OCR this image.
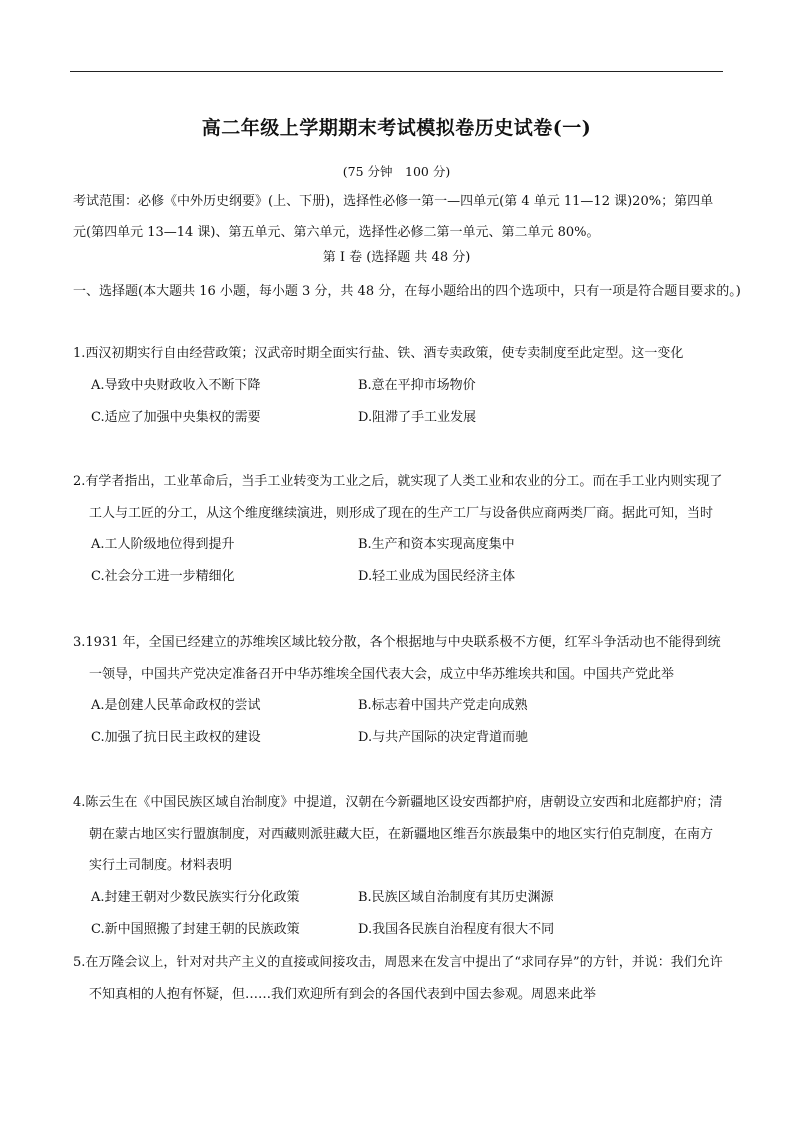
高二年级上学期期末考试模拟卷历史试卷(一)
(75 分钟　100 分)

考试范围：必修《中外历史纲要》(上、下册)，选择性必修一第一—四单元(第 4 单元 11—12 课)20%；第四单元(第四单元 13—14 课)、第五单元、第六单元，选择性必修二第一单元、第二单元 80%。

第 Ⅰ 卷 (选择题 共 48 分)

一、选择题(本大题共 16 小题，每小题 3 分，共 48 分，在每小题给出的四个选项中，只有一项是符合题目要求的。)

1.西汉初期实行自由经营政策；汉武帝时期全面实行盐、铁、酒专卖政策，使专卖制度至此定型。这一变化

A.导致中央财政收入不断下降	B.意在平抑市场物价
C.适应了加强中央集权的需要	D.阻滞了手工业发展

2.有学者指出，工业革命后，当手工业转变为工业之后，就实现了人类工业和农业的分工。而在手工业内则实现了工人与工匠的分工，从这个维度继续演进，则形成了现在的生产工厂与设备供应商两类厂商。据此可知，当时

A.工人阶级地位得到提升	B.生产和资本实现高度集中
C.社会分工进一步精细化	D.轻工业成为国民经济主体

3.1931 年，全国已经建立的苏维埃区域比较分散，各个根据地与中央联系极不方便，红军斗争活动也不能得到统一领导，中国共产党决定准备召开中华苏维埃全国代表大会，成立中华苏维埃共和国。中国共产党此举

A.是创建人民革命政权的尝试	B.标志着中国共产党走向成熟
C.加强了抗日民主政权的建设	D.与共产国际的决定背道而驰

4.陈云生在《中国民族区域自治制度》中提道，汉朝在今新疆地区设安西都护府，唐朝设立安西和北庭都护府；清朝在蒙古地区实行盟旗制度，对西藏则派驻藏大臣，在新疆地区维吾尔族最集中的地区实行伯克制度，在南方实行土司制度。材料表明

A.封建王朝对少数民族实行分化政策	B.民族区域自治制度有其历史渊源
C.新中国照搬了封建王朝的民族政策	D.我国各民族自治程度有很大不同

5.在万隆会议上，针对对共产主义的直接或间接攻击，周恩来在发言中提出了“求同存异”的方针，并说：我们允许不知真相的人抱有怀疑，但……我们欢迎所有到会的各国代表到中国去参观。周恩来此举
